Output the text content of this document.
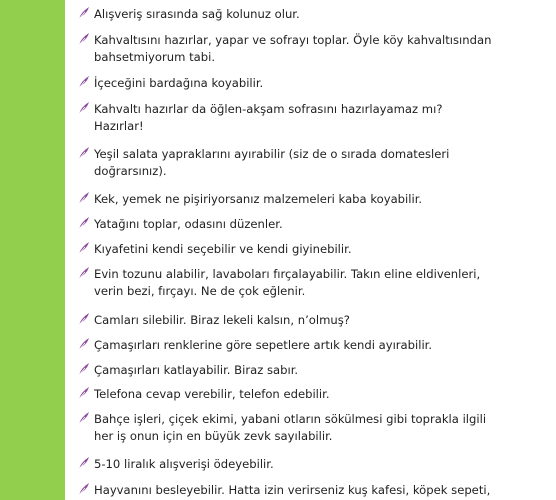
Alışveriş sırasında sağ kolunuz olur.
Kahvaltısını hazırlar, yapar ve sofrayı toplar. Öyle köy kahvaltısından
bahsetmiyorum tabi.
İçeceğini bardağına koyabilir.
Kahvaltı hazırlar da öğlen-akşam sofrasını hazırlayamaz mı?
Hazırlar!
Yeşil salata yapraklarını ayırabilir (siz de o sırada domatesleri
doğrarsınız).
Kek, yemek ne pişiriyorsanız malzemeleri kaba koyabilir.
Yatağını toplar, odasını düzenler.
Kıyafetini kendi seçebilir ve kendi giyinebilir.
Evin tozunu alabilir, lavaboları fırçalayabilir. Takın eline eldivenleri,
verin bezi, fırçayı. Ne de çok eğlenir.
Camları silebilir. Biraz lekeli kalsın, n’olmuş?
Çamaşırları renklerine göre sepetlere artık kendi ayırabilir.
Çamaşırları katlayabilir. Biraz sabır.
Telefona cevap verebilir, telefon edebilir.
Bahçe işleri, çiçek ekimi, yabani otların sökülmesi gibi toprakla ilgili
her iş onun için en büyük zevk sayılabilir.
5-10 liralık alışverişi ödeyebilir.
Hayvanını besleyebilir. Hatta izin verirseniz kuş kafesi, köpek sepeti,
